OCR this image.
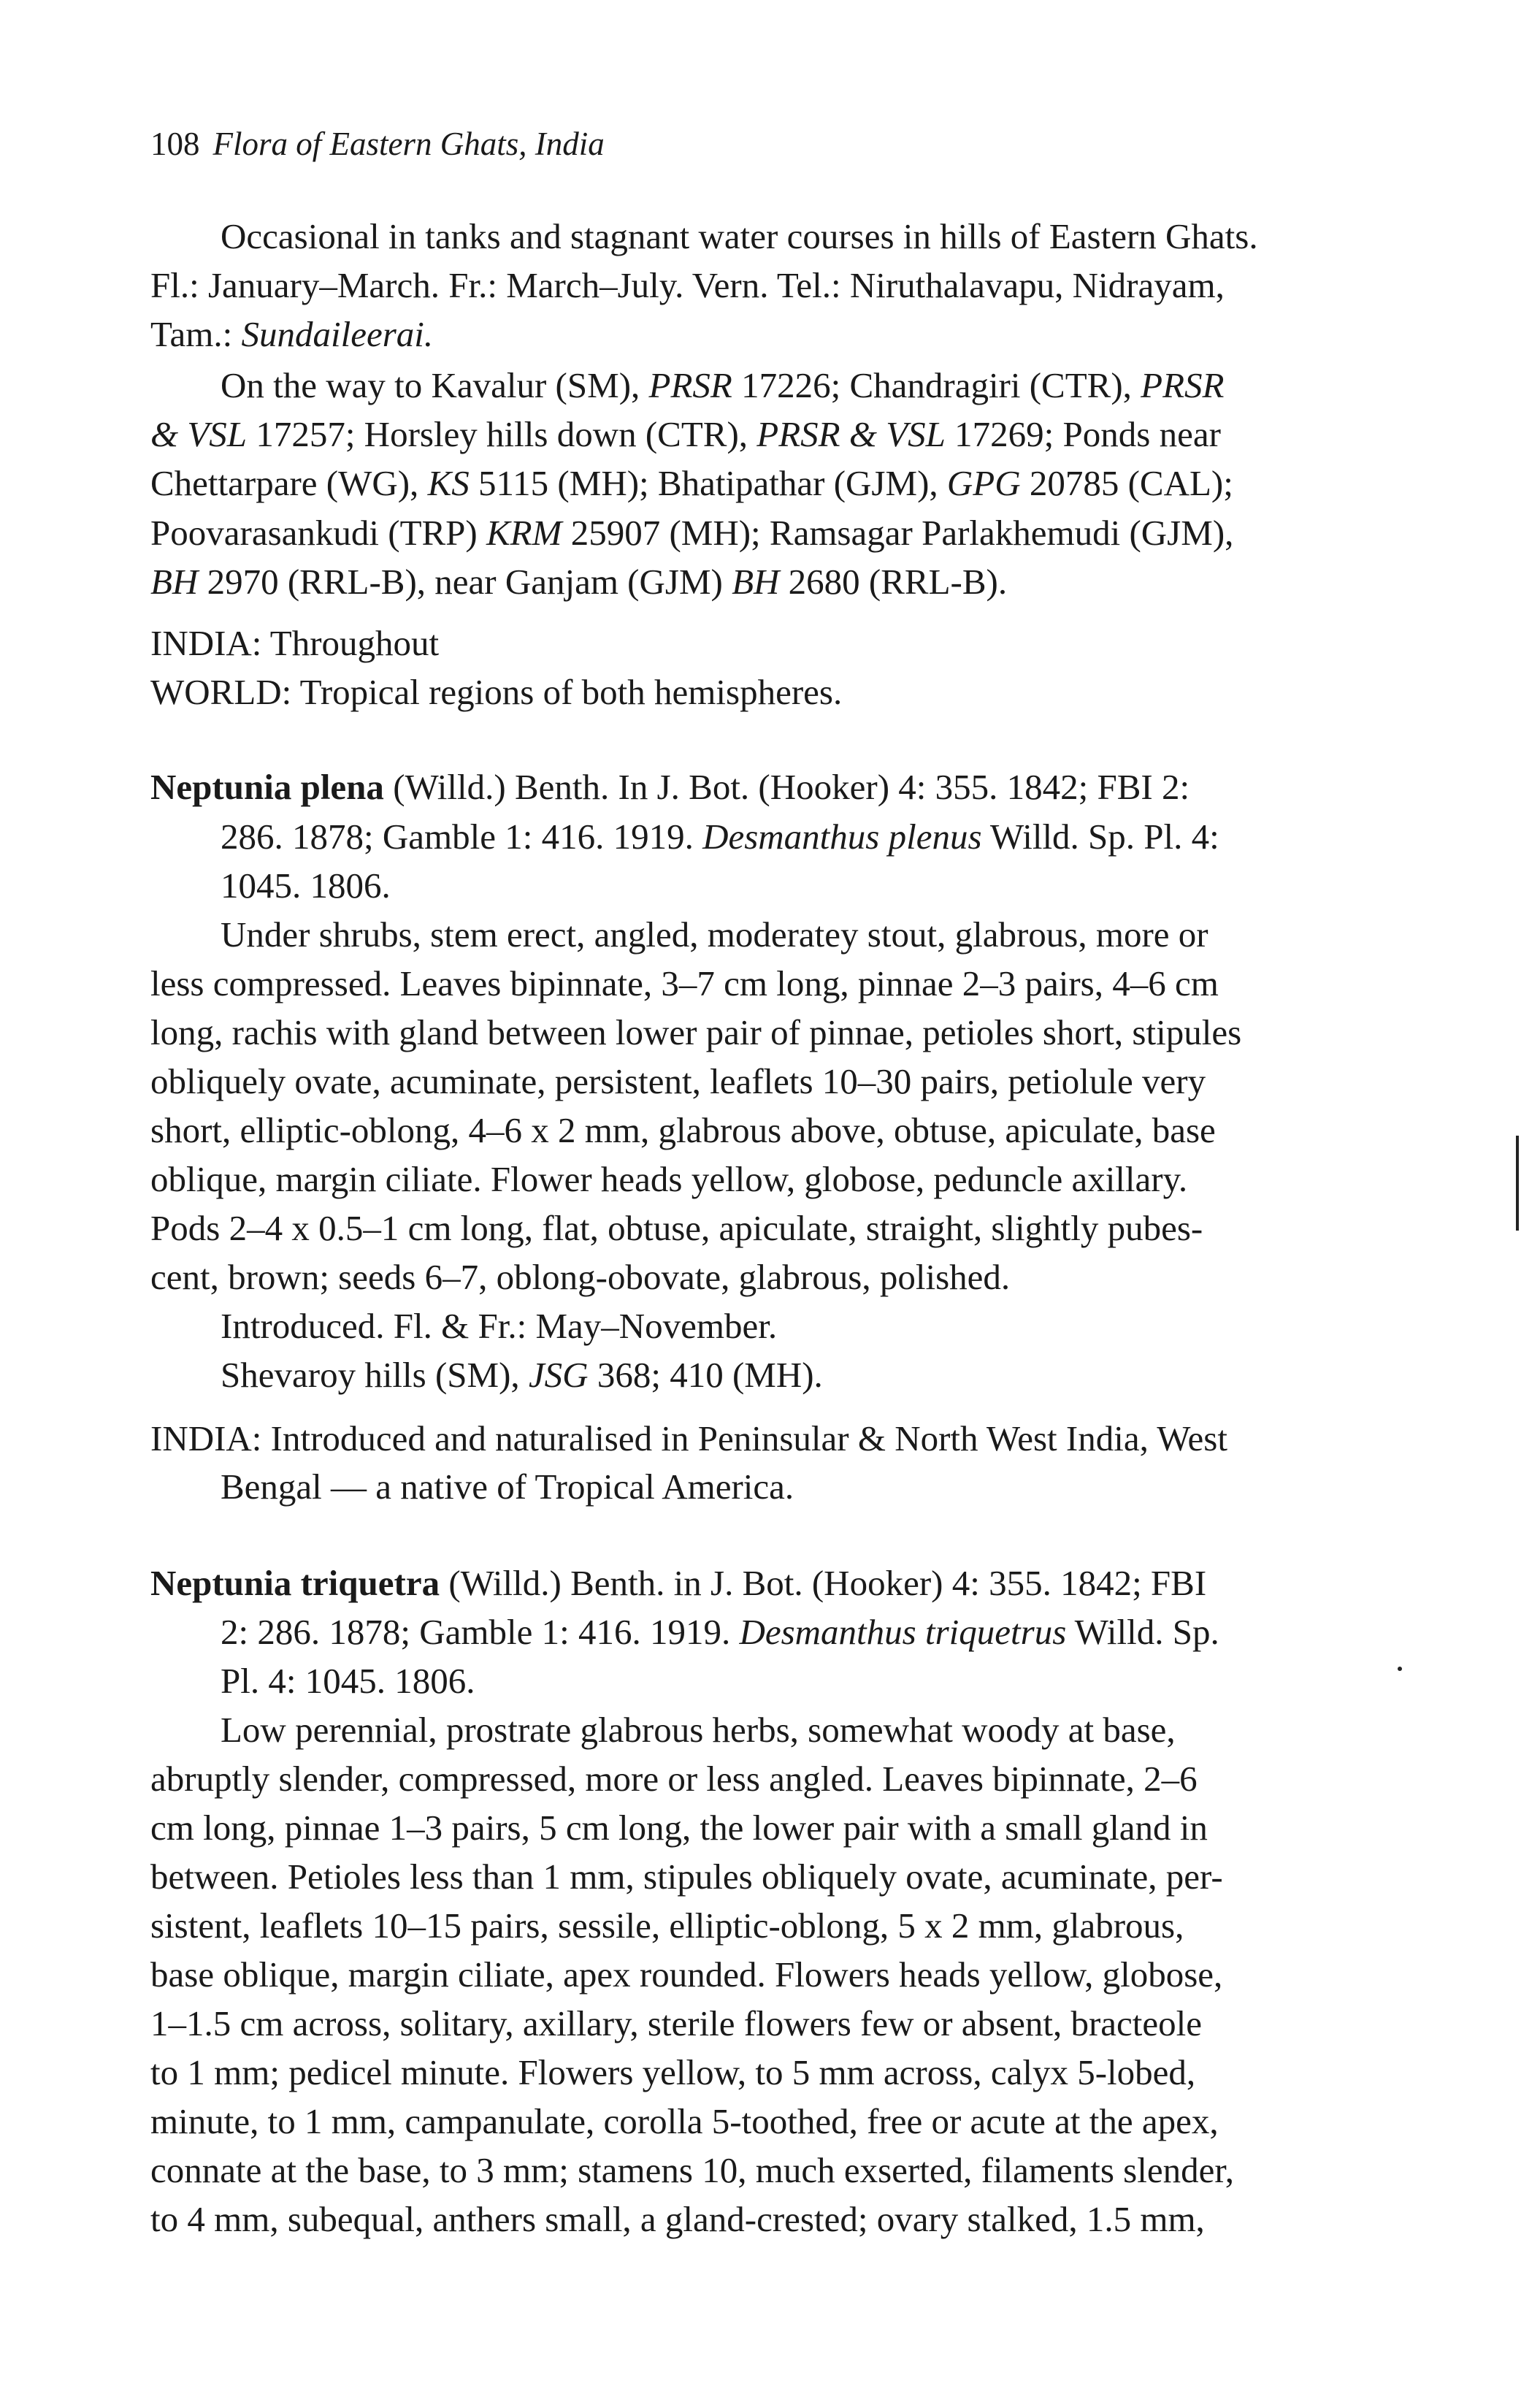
108 Flora of Eastern Ghats, India
Occasional in tanks and stagnant water courses in hills of Eastern Ghats.
Fl.: January–March. Fr.: March–July. Vern. Tel.: Niruthalavapu, Nidrayam,
Tam.: Sundaileerai.
On the way to Kavalur (SM), PRSR 17226; Chandragiri (CTR), PRSR
& VSL 17257; Horsley hills down (CTR), PRSR & VSL 17269; Ponds near
Chettarpare (WG), KS 5115 (MH); Bhatipathar (GJM), GPG 20785 (CAL);
Poovarasankudi (TRP) KRM 25907 (MH); Ramsagar Parlakhemudi (GJM),
BH 2970 (RRL-B), near Ganjam (GJM) BH 2680 (RRL-B).
INDIA: Throughout
WORLD: Tropical regions of both hemispheres.
Neptunia plena (Willd.) Benth. In J. Bot. (Hooker) 4: 355. 1842; FBI 2:
286. 1878; Gamble 1: 416. 1919. Desmanthus plenus Willd. Sp. Pl. 4:
1045. 1806.
Under shrubs, stem erect, angled, moderatey stout, glabrous, more or
less compressed. Leaves bipinnate, 3–7 cm long, pinnae 2–3 pairs, 4–6 cm
long, rachis with gland between lower pair of pinnae, petioles short, stipules
obliquely ovate, acuminate, persistent, leaflets 10–30 pairs, petiolule very
short, elliptic-oblong, 4–6 x 2 mm, glabrous above, obtuse, apiculate, base
oblique, margin ciliate. Flower heads yellow, globose, peduncle axillary.
Pods 2–4 x 0.5–1 cm long, flat, obtuse, apiculate, straight, slightly pubes-
cent, brown; seeds 6–7, oblong-obovate, glabrous, polished.
Introduced. Fl. & Fr.: May–November.
Shevaroy hills (SM), JSG 368; 410 (MH).
INDIA: Introduced and naturalised in Peninsular & North West India, West
Bengal — a native of Tropical America.
Neptunia triquetra (Willd.) Benth. in J. Bot. (Hooker) 4: 355. 1842; FBI
2: 286. 1878; Gamble 1: 416. 1919. Desmanthus triquetrus Willd. Sp.
Pl. 4: 1045. 1806.
Low perennial, prostrate glabrous herbs, somewhat woody at base,
abruptly slender, compressed, more or less angled. Leaves bipinnate, 2–6
cm long, pinnae 1–3 pairs, 5 cm long, the lower pair with a small gland in
between. Petioles less than 1 mm, stipules obliquely ovate, acuminate, per-
sistent, leaflets 10–15 pairs, sessile, elliptic-oblong, 5 x 2 mm, glabrous,
base oblique, margin ciliate, apex rounded. Flowers heads yellow, globose,
1–1.5 cm across, solitary, axillary, sterile flowers few or absent, bracteole
to 1 mm; pedicel minute. Flowers yellow, to 5 mm across, calyx 5-lobed,
minute, to 1 mm, campanulate, corolla 5-toothed, free or acute at the apex,
connate at the base, to 3 mm; stamens 10, much exserted, filaments slender,
to 4 mm, subequal, anthers small, a gland-crested; ovary stalked, 1.5 mm,
